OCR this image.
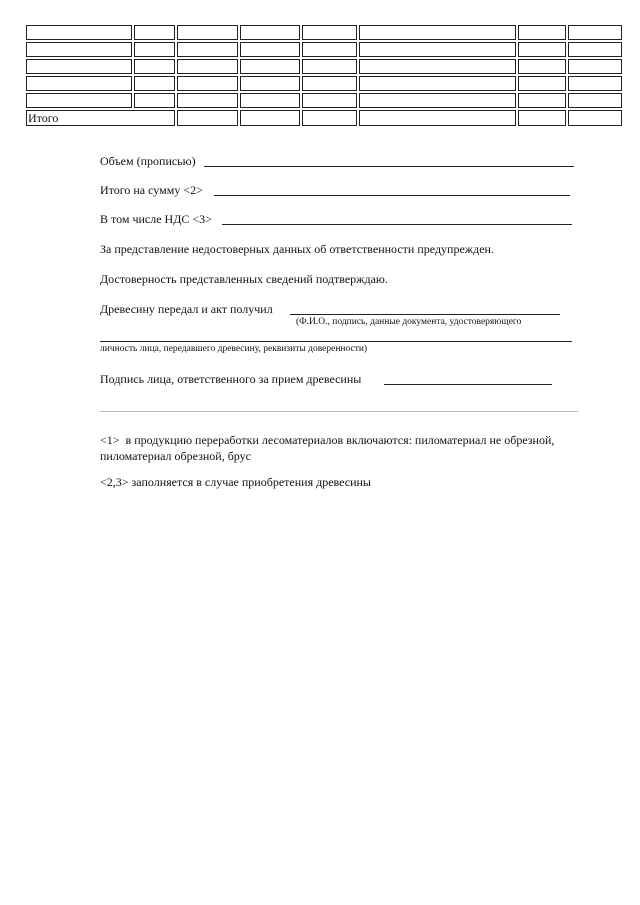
Итого							
Объем (прописью)
Итого на сумму <2>
В том числе НДС <3>
За представление недостоверных данных об ответственности предупрежден.
Достоверность представленных сведений подтверждаю.
Древесину передал и акт получил
(Ф.И.О., подпись, данные документа, удостоверяющего
личность лица, передавшего древесину, реквизиты доверенности)
Подпись лица, ответственного за прием древесины
<1> в продукцию переработки лесоматериалов включаются: пиломатериал не обрезной, пиломатериал обрезной, брус
<2,3> заполняется в случае приобретения древесины
